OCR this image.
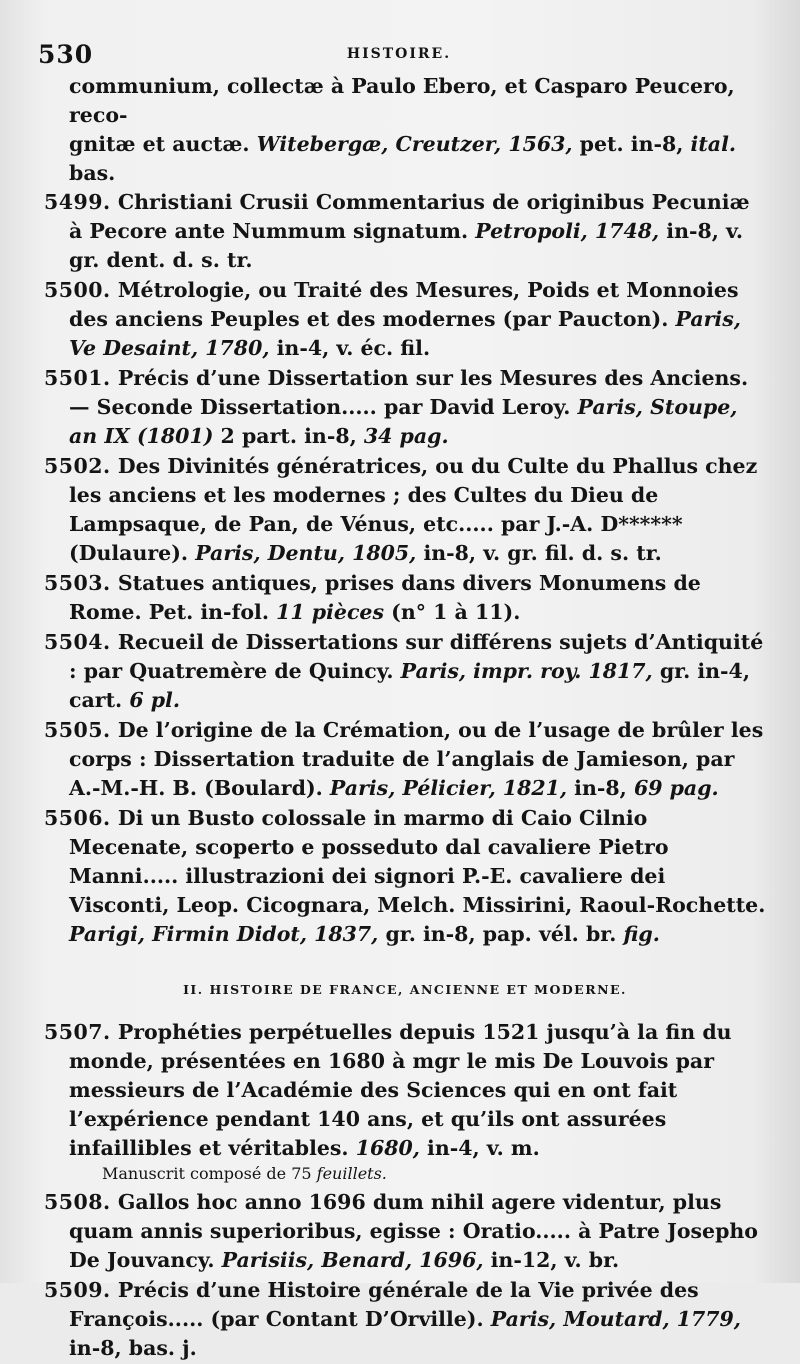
530	HISTOIRE.
communium, collectæ à Paulo Ebero, et Casparo Peucero, reco-
gnitæ et auctæ. Witebergæ, Creutzer, 1563, pet. in-8, ital. bas.
5499. Christiani Crusii Commentarius de originibus Pecuniæ à Pecore ante Nummum signatum. Petropoli, 1748, in-8, v. gr. dent. d. s. tr.
5500. Métrologie, ou Traité des Mesures, Poids et Monnoies des anciens Peuples et des modernes (par Paucton). Paris, Ve Desaint, 1780, in-4, v. éc. fil.
5501. Précis d’une Dissertation sur les Mesures des Anciens.— Seconde Dissertation..... par David Leroy. Paris, Stoupe, an IX (1801) 2 part. in-8, 34 pag.
5502. Des Divinités génératrices, ou du Culte du Phallus chez les anciens et les modernes ; des Cultes du Dieu de Lampsaque, de Pan, de Vénus, etc..... par J.-A. D****** (Dulaure). Paris, Dentu, 1805, in-8, v. gr. fil. d. s. tr.
5503. Statues antiques, prises dans divers Monumens de Rome. Pet. in-fol. 11 pièces (n° 1 à 11).
5504. Recueil de Dissertations sur différens sujets d’Antiquité : par Quatremère de Quincy. Paris, impr. roy. 1817, gr. in-4, cart. 6 pl.
5505. De l’origine de la Crémation, ou de l’usage de brûler les corps : Dissertation traduite de l’anglais de Jamieson, par A.-M.-H. B. (Boulard). Paris, Pélicier, 1821, in-8, 69 pag.
5506. Di un Busto colossale in marmo di Caio Cilnio Mecenate, scoperto e posseduto dal cavaliere Pietro Manni..... illustrazioni dei signori P.-E. cavaliere dei Visconti, Leop. Cicognara, Melch. Missirini, Raoul-Rochette. Parigi, Firmin Didot, 1837, gr. in-8, pap. vél. br. fig.
II. HISTOIRE DE FRANCE, ANCIENNE ET MODERNE.
5507. Prophéties perpétuelles depuis 1521 jusqu’à la fin du monde, présentées en 1680 à mgr le mis De Louvois par messieurs de l’Académie des Sciences qui en ont fait l’expérience pendant 140 ans, et qu’ils ont assurées infaillibles et véritables. 1680, in-4, v. m.
Manuscrit composé de 75 feuillets.
5508. Gallos hoc anno 1696 dum nihil agere videntur, plus quam annis superioribus, egisse : Oratio..... à Patre Josepho De Jouvancy. Parisiis, Benard, 1696, in-12, v. br.
5509. Précis d’une Histoire générale de la Vie privée des François..... (par Contant D’Orville). Paris, Moutard, 1779, in-8, bas. j.
